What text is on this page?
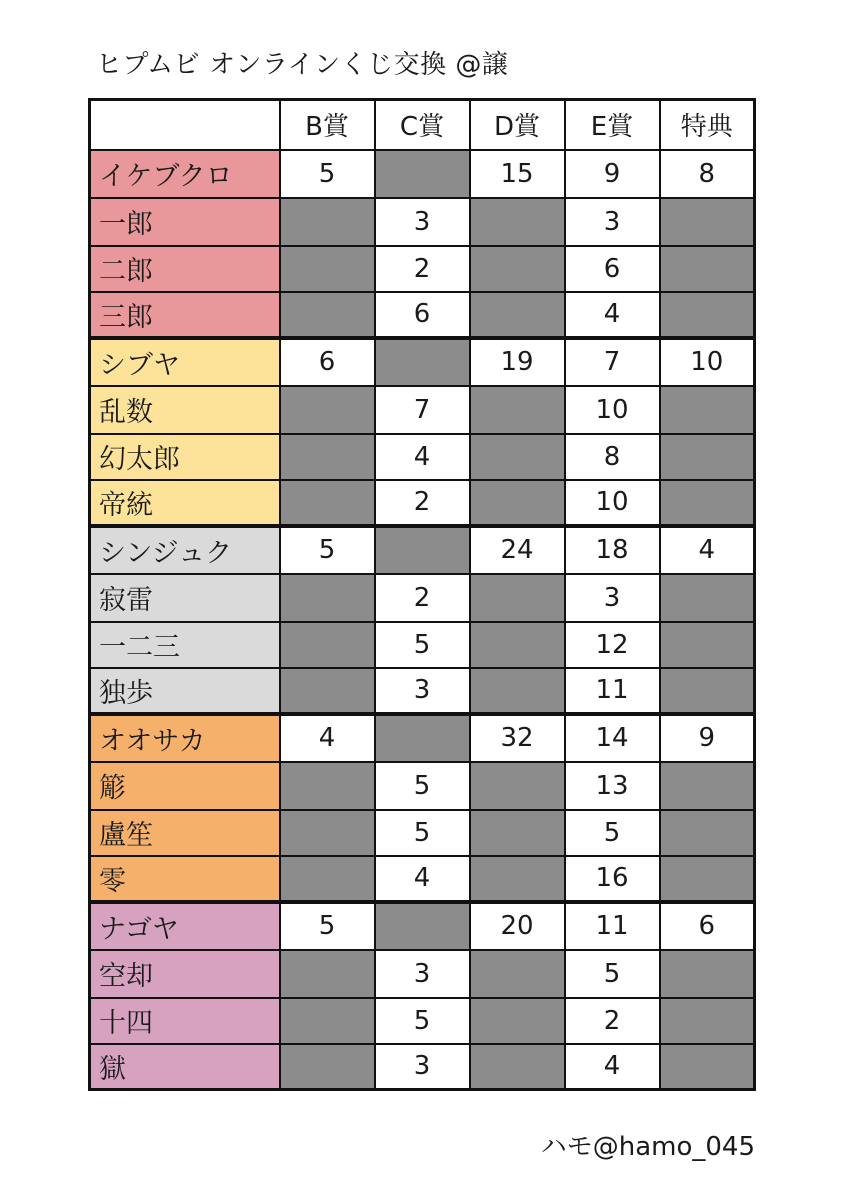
ヒプムビ オンラインくじ交換 @譲
	B賞	C賞	D賞	E賞	特典
イケブクロ	5		15	9	8
一郎		3		3	
二郎		2		6	
三郎		6		4	
シブヤ	6		19	7	10
乱数		7		10	
幻太郎		4		8	
帝統		2		10	
シンジュク	5		24	18	4
寂雷		2		3	
一二三		5		12	
独歩		3		11	
オオサカ	4		32	14	9
簓		5		13	
盧笙		5		5	
零		4		16	
ナゴヤ	5		20	11	6
空却		3		5	
十四		5		2	
獄		3		4	
ハモ@hamo_045
